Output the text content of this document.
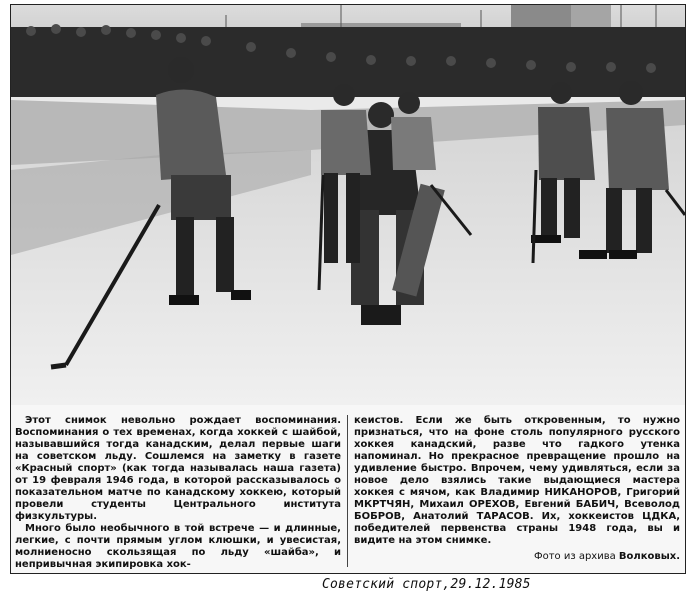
Этот снимок невольно рождает воспоминания. Воспоминания о тех временах, когда хоккей с шайбой, называвшийся тогда канадским, делал первые шаги на советском льду. Сошлемся на заметку в газете «Красный спорт» (как тогда называлась наша газета) от 19 февраля 1946 года, в которой рассказывалось о показательном матче по канадскому хоккею, который провели студенты Центрального института физкультуры.

Много было необычного в той встрече — и длинные, легкие, с почти прямым углом клюшки, и увесистая, молниеносно скользящая по льду «шайба», и непривычная экипировка хок-

кеистов. Если же быть откровенным, то нужно признаться, что на фоне столь популярного русского хоккея канадский, разве что гадкого утенка напоминал. Но прекрасное превращение прошло на удивление быстро. Впрочем, чему удивляться, если за новое дело взялись такие выдающиеся мастера хоккея с мячом, как Владимир НИКАНОРОВ, Григорий МКРТЧЯН, Михаил ОРЕХОВ, Евгений БАБИЧ, Всеволод БОБРОВ, Анатолий ТАРАСОВ. Их, хоккеистов ЦДКА, победителей первенства страны 1948 года, вы и видите на этом снимке.

Фото из архива Волковых.
Советский спорт,29.12.1985
